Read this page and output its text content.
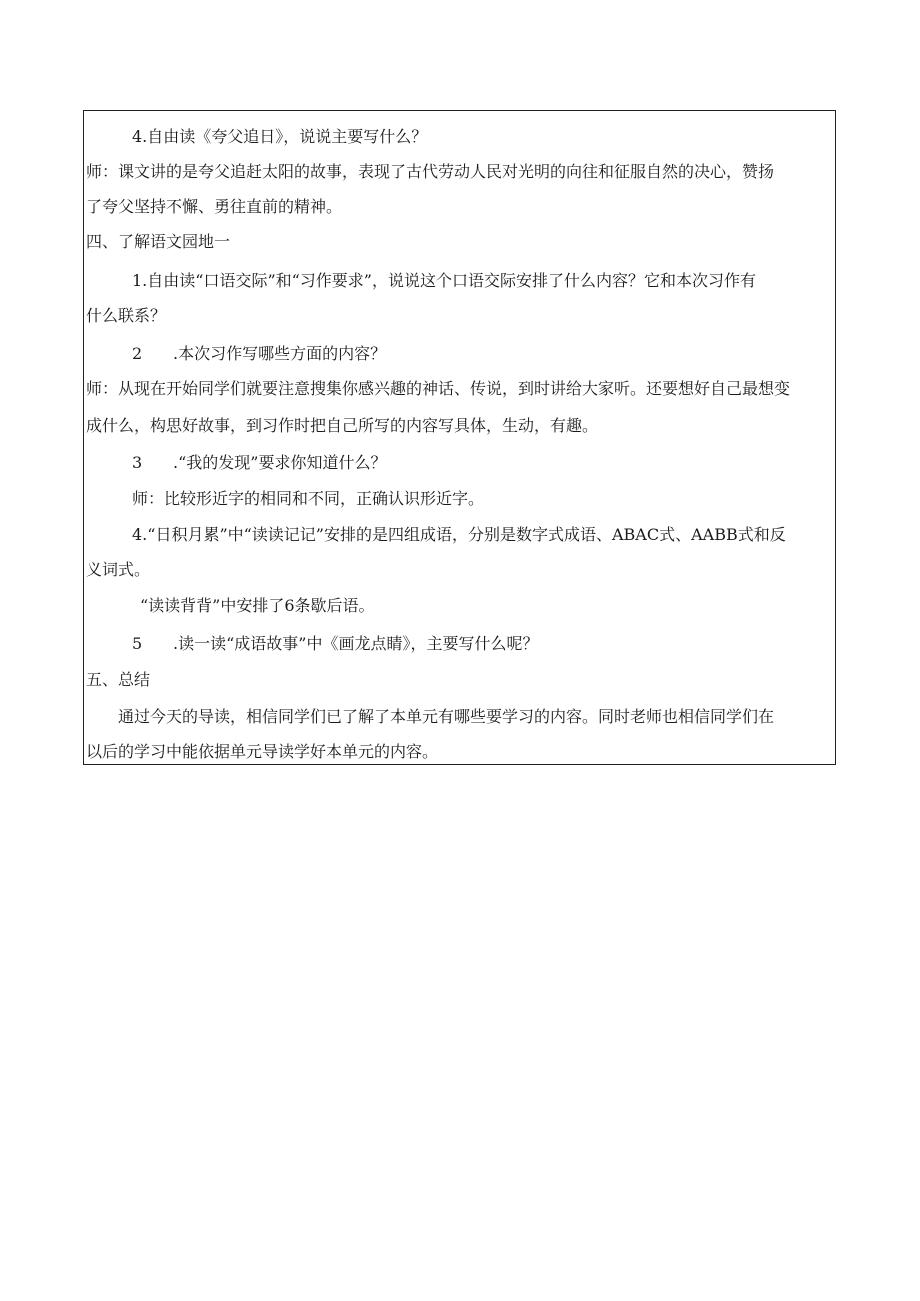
4.自由读《夸父追日》，说说主要写什么？
师：课文讲的是夸父追赶太阳的故事，表现了古代劳动人民对光明的向往和征服自然的决心，赞扬
了夸父坚持不懈、勇往直前的精神。
四、了解语文园地一
1.自由读“口语交际”和“习作要求”，说说这个口语交际安排了什么内容？它和本次习作有
什么联系？
2 .本次习作写哪些方面的内容？
师：从现在开始同学们就要注意搜集你感兴趣的神话、传说，到时讲给大家听。还要想好自己最想变
成什么，构思好故事，到习作时把自己所写的内容写具体，生动，有趣。
3 .“我的发现”要求你知道什么？
师：比较形近字的相同和不同，正确认识形近字。
4.“日积月累”中“读读记记”安排的是四组成语，分别是数字式成语、ABAC式、AABB式和反
义词式。
“读读背背”中安排了6条歇后语。
5 .读一读“成语故事”中《画龙点睛》，主要写什么呢？
五、总结
通过今天的导读，相信同学们已了解了本单元有哪些要学习的内容。同时老师也相信同学们在
以后的学习中能依据单元导读学好本单元的内容。
